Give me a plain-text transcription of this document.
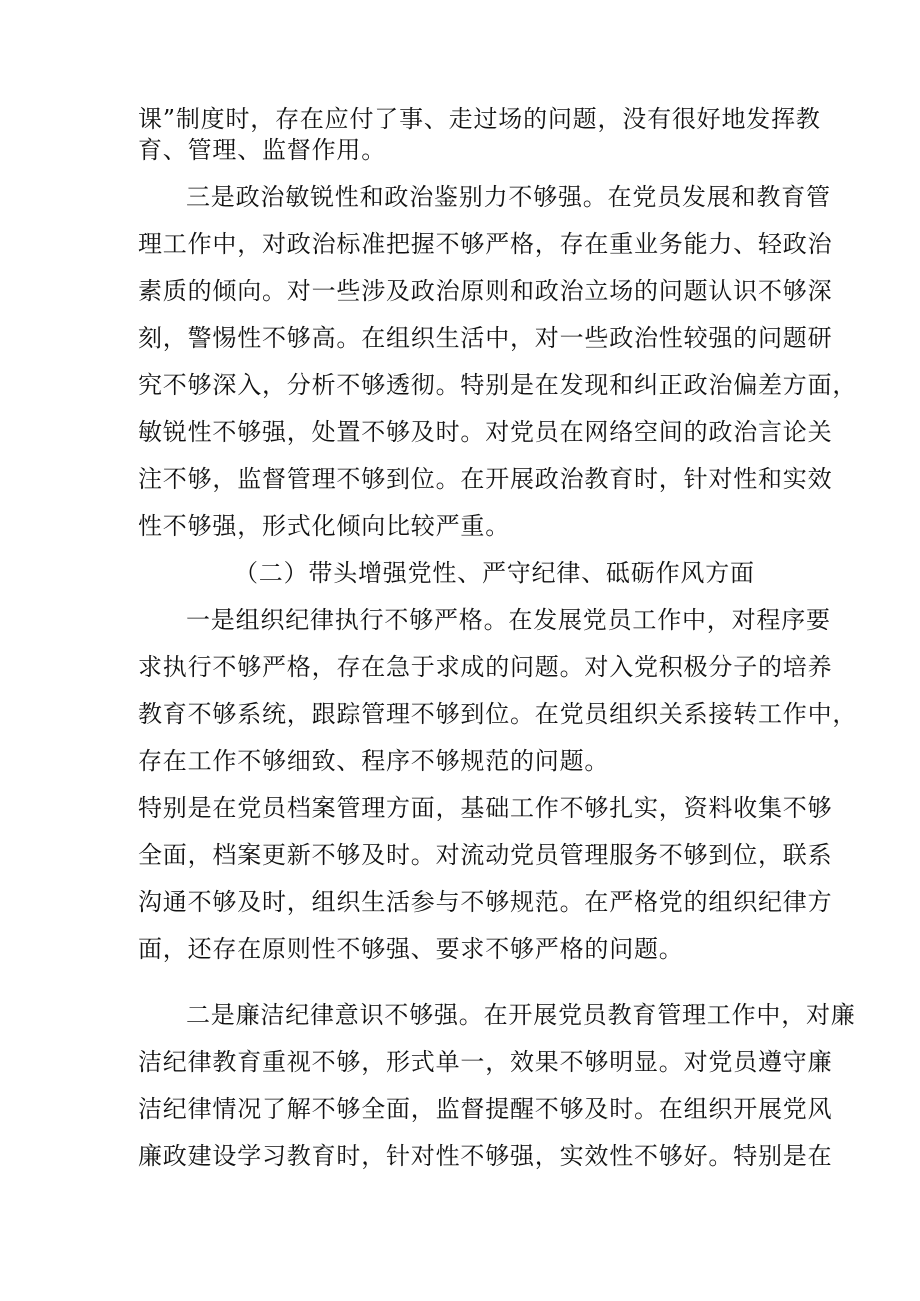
课”制度时，存在应付了事、走过场的问题，没有很好地发挥教
育、管理、监督作用。
三是政治敏锐性和政治鉴别力不够强。在党员发展和教育管
理工作中，对政治标准把握不够严格，存在重业务能力、轻政治
素质的倾向。对一些涉及政治原则和政治立场的问题认识不够深
刻，警惕性不够高。在组织生活中，对一些政治性较强的问题研
究不够深入，分析不够透彻。特别是在发现和纠正政治偏差方面，
敏锐性不够强，处置不够及时。对党员在网络空间的政治言论关
注不够，监督管理不够到位。在开展政治教育时，针对性和实效
性不够强，形式化倾向比较严重。
（二）带头增强党性、严守纪律、砥砺作风方面
一是组织纪律执行不够严格。在发展党员工作中，对程序要
求执行不够严格，存在急于求成的问题。对入党积极分子的培养
教育不够系统，跟踪管理不够到位。在党员组织关系接转工作中，
存在工作不够细致、程序不够规范的问题。
特别是在党员档案管理方面，基础工作不够扎实，资料收集不够
全面，档案更新不够及时。对流动党员管理服务不够到位，联系
沟通不够及时，组织生活参与不够规范。在严格党的组织纪律方
面，还存在原则性不够强、要求不够严格的问题。
二是廉洁纪律意识不够强。在开展党员教育管理工作中，对廉
洁纪律教育重视不够，形式单一，效果不够明显。对党员遵守廉
洁纪律情况了解不够全面，监督提醒不够及时。在组织开展党风
廉政建设学习教育时，针对性不够强，实效性不够好。特别是在
